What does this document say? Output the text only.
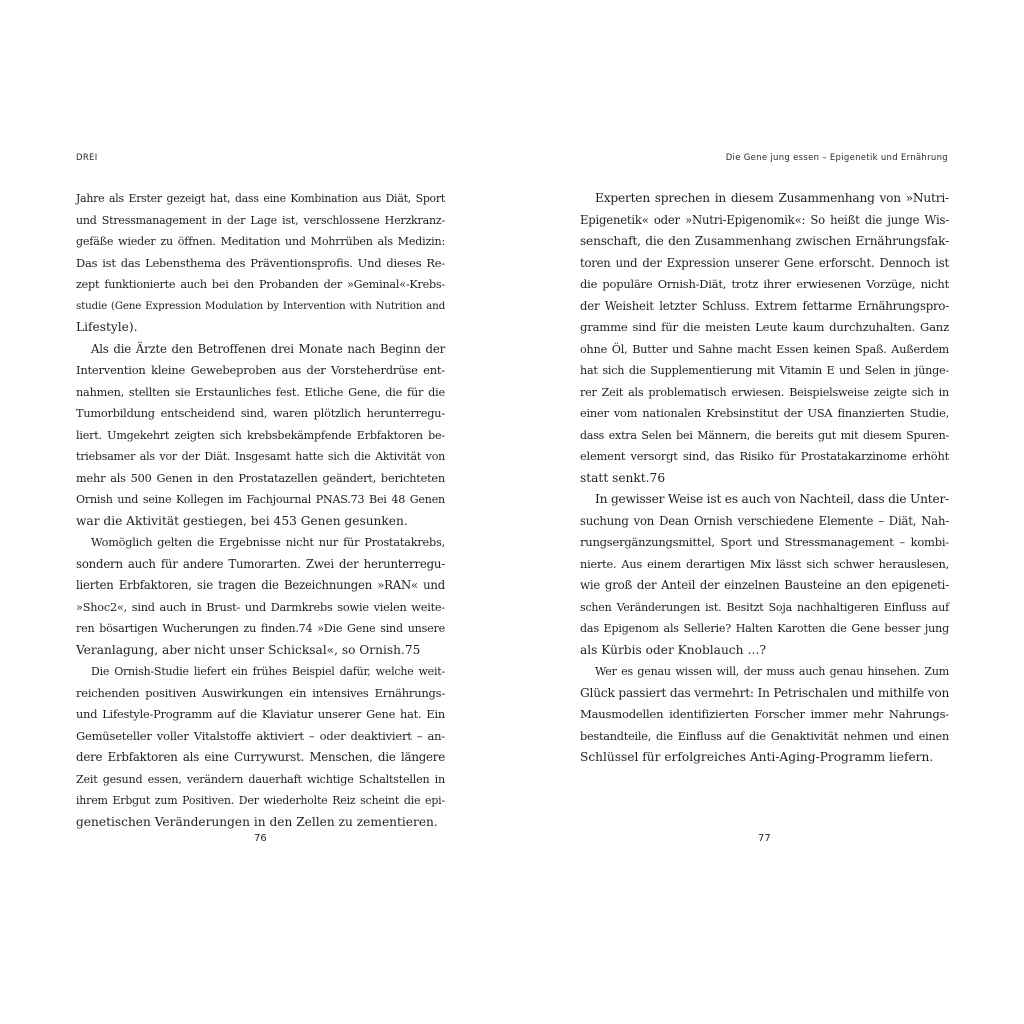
DREI	Die Gene jung essen – Epigenetik und Ernährung
Jahre als Erster gezeigt hat, dass eine Kombination aus Diät, Sport
und Stressmanagement in der Lage ist, verschlossene Herzkranz-
gefäße wieder zu öffnen. Meditation und Mohrrüben als Medizin:
Das ist das Lebensthema des Präventionsprofis. Und dieses Re-
zept funktionierte auch bei den Probanden der »Geminal«-Krebs-
studie (Gene Expression Modulation by Intervention with Nutrition and
Lifestyle).
Als die Ärzte den Betroffenen drei Monate nach Beginn der
Intervention kleine Gewebeproben aus der Vorsteherdrüse ent-
nahmen, stellten sie Erstaunliches fest. Etliche Gene, die für die
Tumorbildung entscheidend sind, waren plötzlich herunterregu-
liert. Umgekehrt zeigten sich krebsbekämpfende Erbfaktoren be-
triebsamer als vor der Diät. Insgesamt hatte sich die Aktivität von
mehr als 500 Genen in den Prostatazellen geändert, berichteten
Ornish und seine Kollegen im Fachjournal PNAS.73 Bei 48 Genen
war die Aktivität gestiegen, bei 453 Genen gesunken.
Womöglich gelten die Ergebnisse nicht nur für Prostatakrebs,
sondern auch für andere Tumorarten. Zwei der herunterregu-
lierten Erbfaktoren, sie tragen die Bezeichnungen »RAN« und
»Shoc2«, sind auch in Brust- und Darmkrebs sowie vielen weite-
ren bösartigen Wucherungen zu finden.74 »Die Gene sind unsere
Veranlagung, aber nicht unser Schicksal«, so Ornish.75
Die Ornish-Studie liefert ein frühes Beispiel dafür, welche weit-
reichenden positiven Auswirkungen ein intensives Ernährungs-
und Lifestyle-Programm auf die Klaviatur unserer Gene hat. Ein
Gemüseteller voller Vitalstoffe aktiviert – oder deaktiviert – an-
dere Erbfaktoren als eine Currywurst. Menschen, die längere
Zeit gesund essen, verändern dauerhaft wichtige Schaltstellen in
ihrem Erbgut zum Positiven. Der wiederholte Reiz scheint die epi-
genetischen Veränderungen in den Zellen zu zementieren.
Experten sprechen in diesem Zusammenhang von »Nutri-
Epigenetik« oder »Nutri-Epigenomik«: So heißt die junge Wis-
senschaft, die den Zusammenhang zwischen Ernährungsfak-
toren und der Expression unserer Gene erforscht. Dennoch ist
die populäre Ornish-Diät, trotz ihrer erwiesenen Vorzüge, nicht
der Weisheit letzter Schluss. Extrem fettarme Ernährungspro-
gramme sind für die meisten Leute kaum durchzuhalten. Ganz
ohne Öl, Butter und Sahne macht Essen keinen Spaß. Außerdem
hat sich die Supplementierung mit Vitamin E und Selen in jünge-
rer Zeit als problematisch erwiesen. Beispielsweise zeigte sich in
einer vom nationalen Krebsinstitut der USA finanzierten Studie,
dass extra Selen bei Männern, die bereits gut mit diesem Spuren-
element versorgt sind, das Risiko für Prostatakarzinome erhöht
statt senkt.76
In gewisser Weise ist es auch von Nachteil, dass die Unter-
suchung von Dean Ornish verschiedene Elemente – Diät, Nah-
rungsergänzungsmittel, Sport und Stressmanagement – kombi-
nierte. Aus einem derartigen Mix lässt sich schwer herauslesen,
wie groß der Anteil der einzelnen Bausteine an den epigeneti-
schen Veränderungen ist. Besitzt Soja nachhaltigeren Einfluss auf
das Epigenom als Sellerie? Halten Karotten die Gene besser jung
als Kürbis oder Knoblauch …?
Wer es genau wissen will, der muss auch genau hinsehen. Zum
Glück passiert das vermehrt: In Petrischalen und mithilfe von
Mausmodellen identifizierten Forscher immer mehr Nahrungs-
bestandteile, die Einfluss auf die Genaktivität nehmen und einen
Schlüssel für erfolgreiches Anti-Aging-Programm liefern.
76	77
